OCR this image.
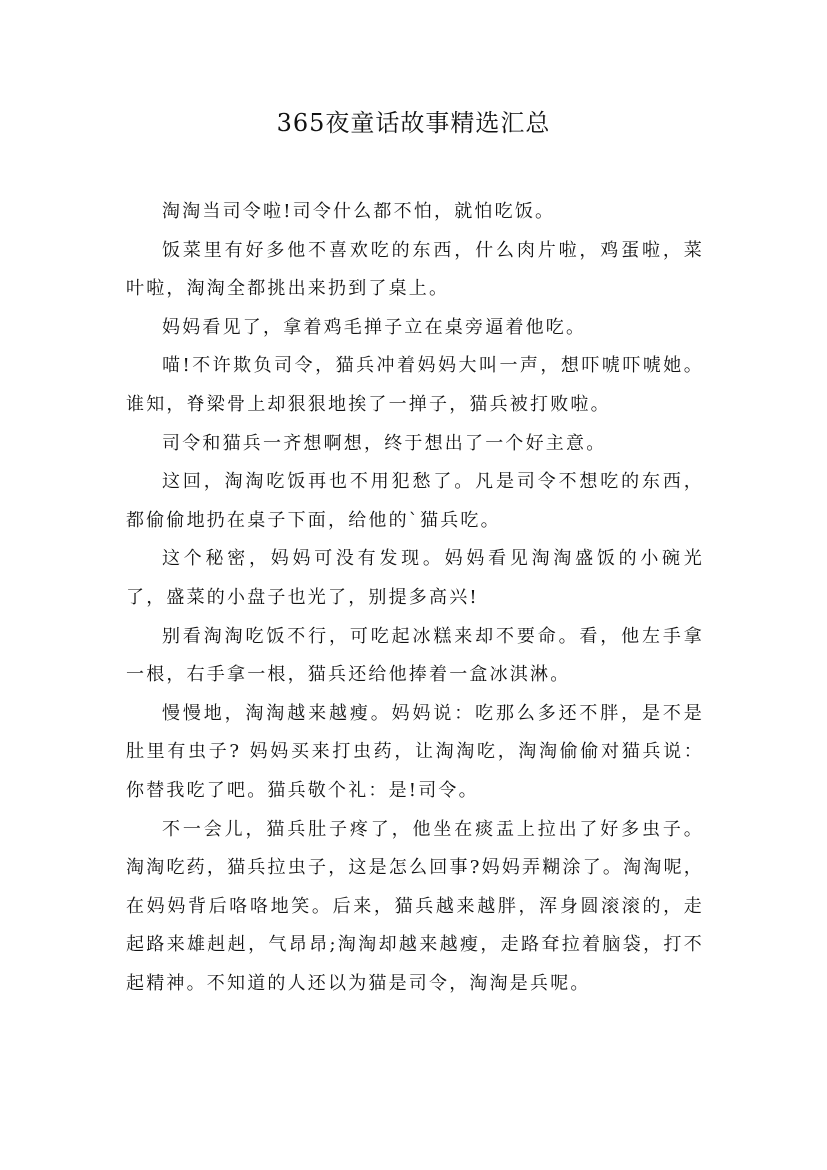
365夜童话故事精选汇总

淘淘当司令啦!司令什么都不怕，就怕吃饭。

饭菜里有好多他不喜欢吃的东西，什么肉片啦，鸡蛋啦，菜叶啦，淘淘全都挑出来扔到了桌上。

妈妈看见了，拿着鸡毛掸子立在桌旁逼着他吃。

喵!不许欺负司令，猫兵冲着妈妈大叫一声，想吓唬吓唬她。谁知，脊梁骨上却狠狠地挨了一掸子，猫兵被打败啦。

司令和猫兵一齐想啊想，终于想出了一个好主意。

这回，淘淘吃饭再也不用犯愁了。凡是司令不想吃的东西，都偷偷地扔在桌子下面，给他的`猫兵吃。

这个秘密，妈妈可没有发现。妈妈看见淘淘盛饭的小碗光了，盛菜的小盘子也光了，别提多高兴!

别看淘淘吃饭不行，可吃起冰糕来却不要命。看，他左手拿一根，右手拿一根，猫兵还给他捧着一盒冰淇淋。

慢慢地，淘淘越来越瘦。妈妈说：吃那么多还不胖，是不是肚里有虫子? 妈妈买来打虫药，让淘淘吃，淘淘偷偷对猫兵说：你替我吃了吧。猫兵敬个礼：是!司令。

不一会儿，猫兵肚子疼了，他坐在痰盂上拉出了好多虫子。淘淘吃药，猫兵拉虫子，这是怎么回事?妈妈弄糊涂了。淘淘呢，在妈妈背后咯咯地笑。后来，猫兵越来越胖，浑身圆滚滚的，走起路来雄赳赳，气昂昂;淘淘却越来越瘦，走路耷拉着脑袋，打不起精神。不知道的人还以为猫是司令，淘淘是兵呢。
